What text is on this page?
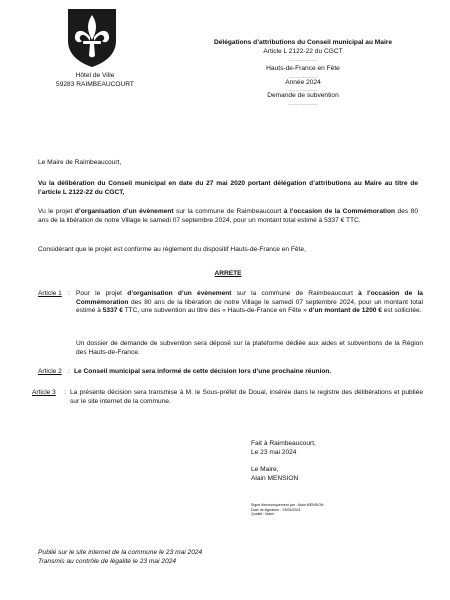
Hôtel de Ville
59283 RAIMBEAUCOURT
Délégations d’attributions du Conseil municipal au Maire
Article L 2122-22 du CGCT
----------------
Hauts-de-France en Fête
----------------
Année 2024
----------------
Demande de subvention
----------------
Le Maire de Raimbeaucourt,
Vu la délibération du Conseil municipal en date du 27 mai 2020 portant délégation d’attributions au Maire au titre de l’article L 2122-22 du CGCT,
Vu le projet d’organisation d’un évènement sur la commune de Raimbeaucourt à l’occasion de la Commémoration des 80 ans de la libération de notre Village le samedi 07 septembre 2024, pour un montant total estimé à 5337 € TTC.
Considérant que le projet est conforme au règlement du dispositif Hauts-de-France en Fête,
ARRETE
Article 1 : Pour le projet d’organisation d’un évènement sur la commune de Raimbeaucourt à l’occasion de la Commémoration des 80 ans de la libération de notre Village le samedi 07 septembre 2024, pour un montant total estimé à 5337 € TTC, une subvention au titre des « Hauts-de-France en Fête » d’un montant de 1200 € est sollicitée.
Un dossier de demande de subvention sera déposé sur la plateforme dédiée aux aides et subventions de la Région des Hauts-de-France.
Article 2 : Le Conseil municipal sera informé de cette décision lors d’une prochaine réunion.
Article 3 : La présente décision sera transmise à M. le Sous-préfet de Douai, insérée dans le registre des délibérations et publiée sur le site internet de la commune.
Fait à Raimbeaucourt,
Le 23 mai 2024
Le Maire,
Alain MENSION
Signé électroniquement par : Alain MENSION
Date de signature : 23/05/2024
Qualité : Maire
Publié sur le site internet de la commune le 23 mai 2024
Transmis au contrôle de légalité le 23 mai 2024
